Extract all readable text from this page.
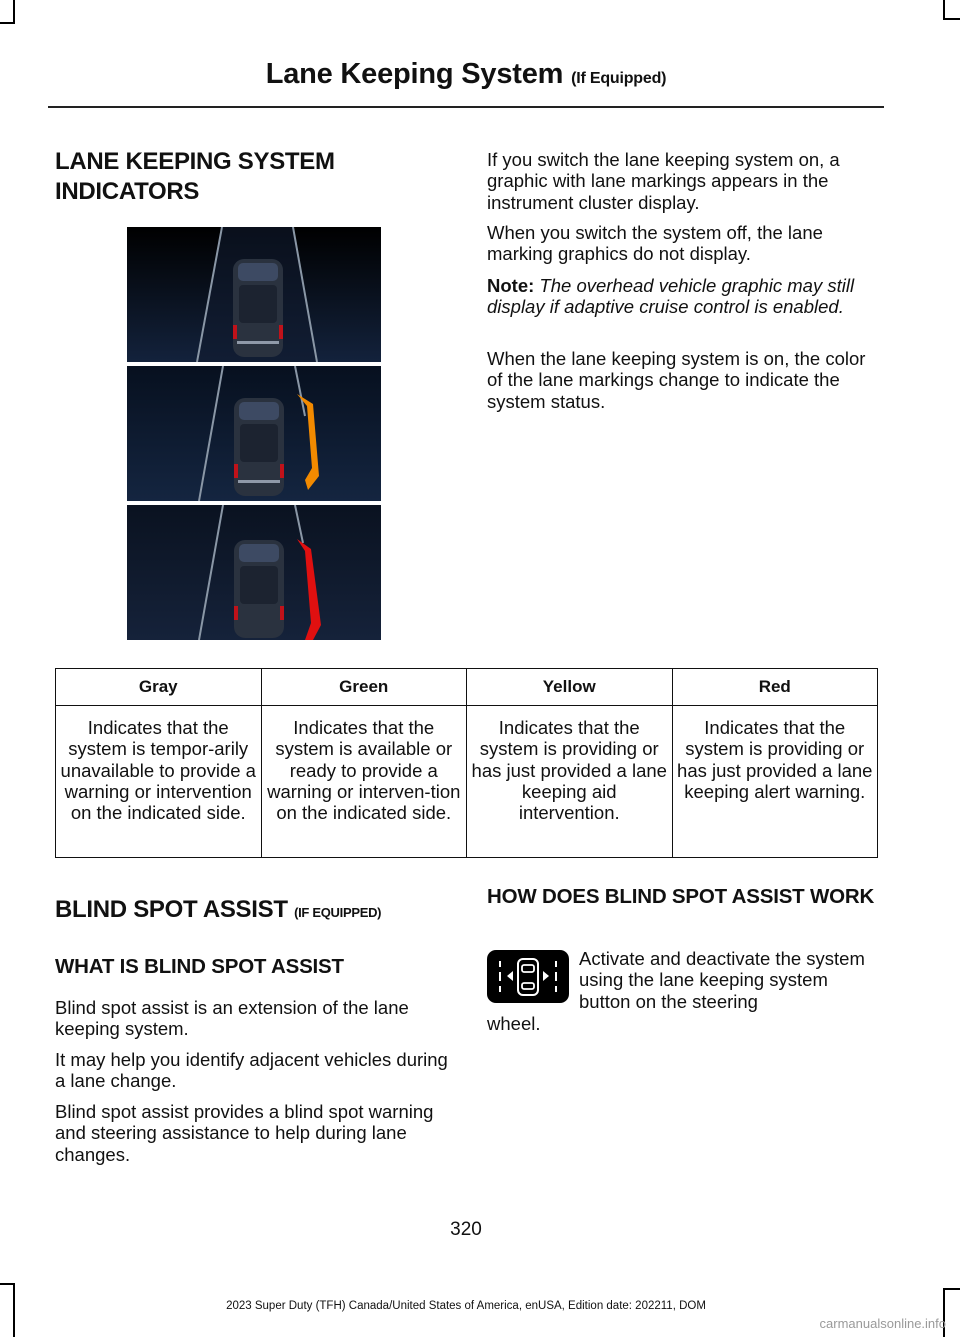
Lane Keeping System (If Equipped)
LANE KEEPING SYSTEM
INDICATORS

If you switch the lane keeping system on, a graphic with lane markings appears in the instrument cluster display.

When you switch the system off, the lane marking graphics do not display.

Note: The overhead vehicle graphic may still display if adaptive cruise control is enabled.

When the lane keeping system is on, the color of the lane markings change to indicate the system status.

Gray	Green	Yellow	Red
Indicates that the system is tempor-arily unavailable to provide a warning or intervention on the indicated side.	Indicates that the system is available or ready to provide a warning or interven-tion on the indicated side.	Indicates that the system is providing or has just provided a lane keeping aid intervention.	Indicates that the system is providing or has just provided a lane keeping alert warning.
BLIND SPOT ASSIST (IF EQUIPPED)
WHAT IS BLIND SPOT ASSIST

Blind spot assist is an extension of the lane keeping system.

It may help you identify adjacent vehicles during a lane change.

Blind spot assist provides a blind spot warning and steering assistance to help during lane changes.

HOW DOES BLIND SPOT ASSIST WORK

Activate and deactivate the system using the lane keeping system button on the steering

wheel.

320
2023 Super Duty (TFH) Canada/United States of America, enUSA, Edition date: 202211, DOM
carmanualsonline.info
